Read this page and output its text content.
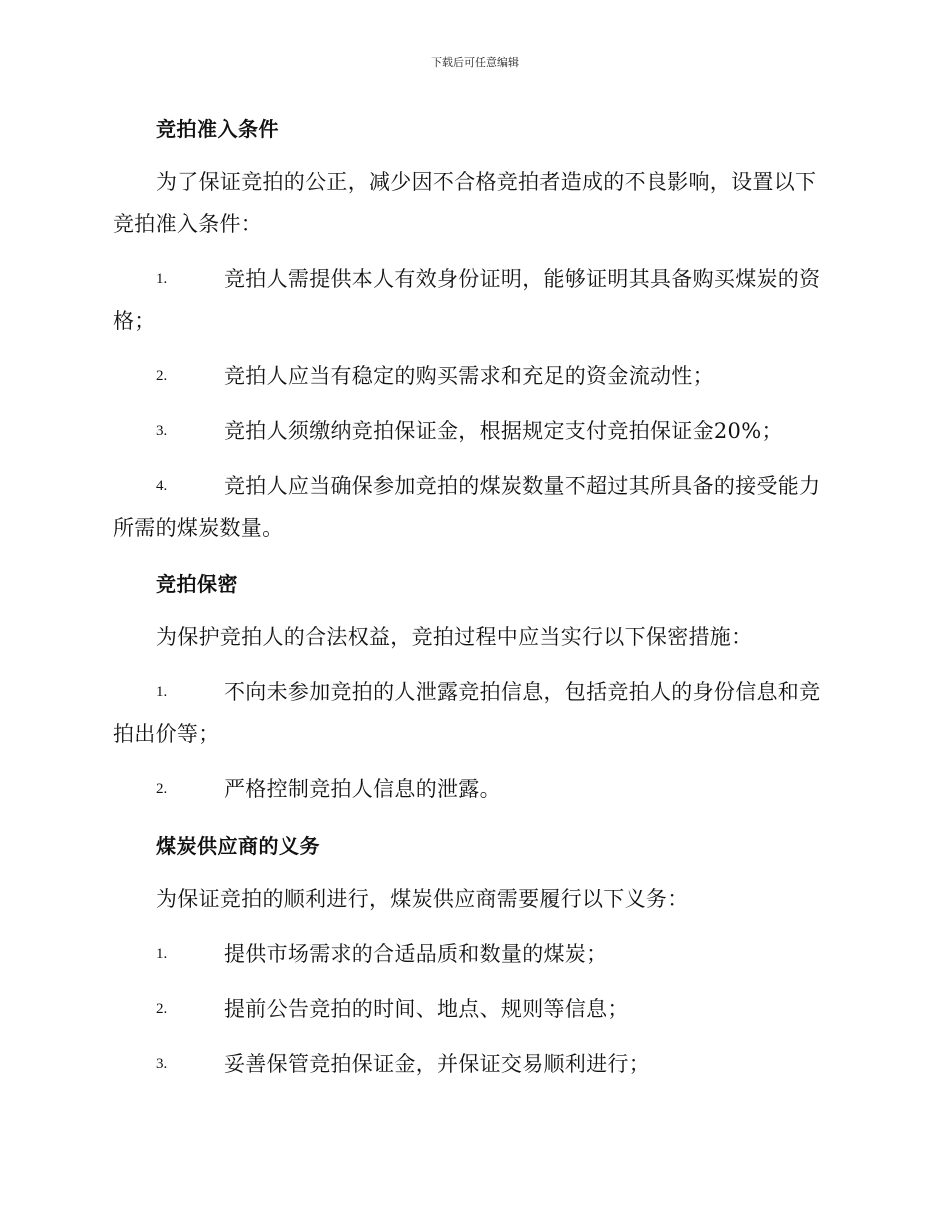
下载后可任意编辑
竞拍准入条件
为了保证竞拍的公正，减少因不合格竞拍者造成的不良影响，设置以下竞拍准入条件：
1.	竞拍人需提供本人有效身份证明，能够证明其具备购买煤炭的资格；
2.	竞拍人应当有稳定的购买需求和充足的资金流动性；
3.	竞拍人须缴纳竞拍保证金，根据规定支付竞拍保证金20%；
4.	竞拍人应当确保参加竞拍的煤炭数量不超过其所具备的接受能力所需的煤炭数量。
竞拍保密
为保护竞拍人的合法权益，竞拍过程中应当实行以下保密措施：
1.	不向未参加竞拍的人泄露竞拍信息，包括竞拍人的身份信息和竞拍出价等；
2.	严格控制竞拍人信息的泄露。
煤炭供应商的义务
为保证竞拍的顺利进行，煤炭供应商需要履行以下义务：
1.	提供市场需求的合适品质和数量的煤炭；
2.	提前公告竞拍的时间、地点、规则等信息；
3.	妥善保管竞拍保证金，并保证交易顺利进行；
